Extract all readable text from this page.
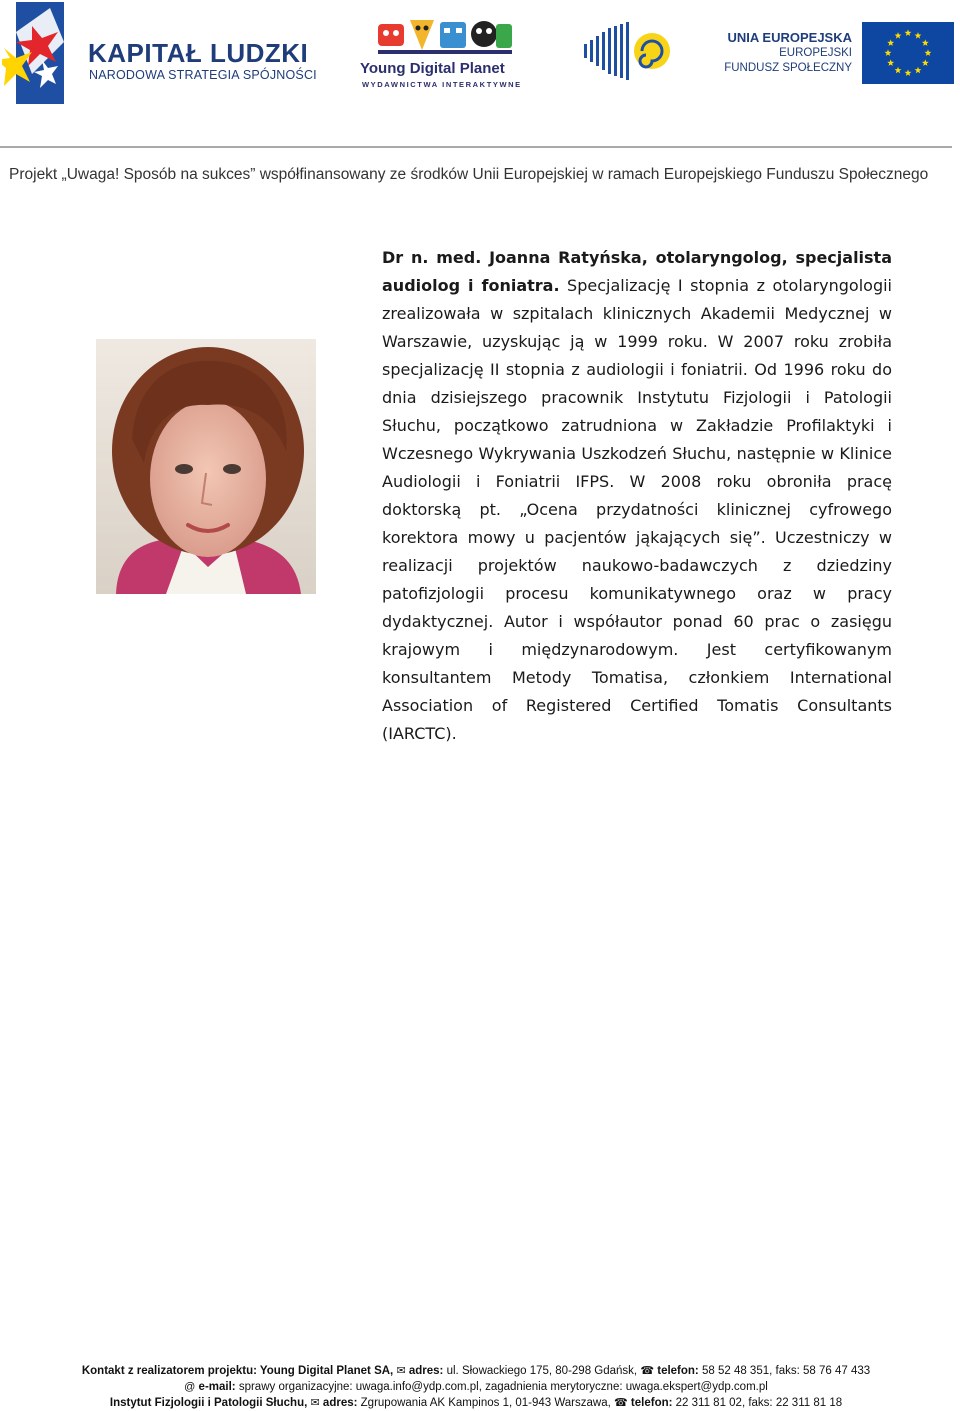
KAPITAŁ LUDZKI
NARODOWA STRATEGIA SPÓJNOŚCI	Young Digital Planet
WYDAWNICTWA INTERAKTYWNE
UNIA EUROPEJSKA
EUROPEJSKI
FUNDUSZ SPOŁECZNY
Projekt „Uwaga! Sposób na sukces” współfinansowany ze środków Unii Europejskiej w ramach Europejskiego Funduszu Społecznego

Dr n. med. Joanna Ratyńska, otolaryngolog, specjalista audiolog i foniatra. Specjalizację I stopnia z otolaryngologii zrealizowała w szpitalach klinicznych Akademii Medycznej w Warszawie, uzyskując ją w 1999 roku. W 2007 roku zrobiła specjalizację II stopnia z audiologii i foniatrii. Od 1996 roku do dnia dzisiejszego pracownik Instytutu Fizjologii i Patologii Słuchu, początkowo zatrudniona w Zakładzie Profilaktyki i Wczesnego Wykrywania Uszkodzeń Słuchu, następnie w Klinice Audiologii i Foniatrii IFPS. W 2008 roku obroniła pracę doktorską pt. „Ocena przydatności klinicznej cyfrowego korektora mowy u pacjentów jąkających się”. Uczestniczy w realizacji projektów naukowo-badawczych z dziedziny patofizjologii procesu komunikatywnego oraz w pracy dydaktycznej. Autor i współautor ponad 60 prac o zasięgu krajowym i międzynarodowym. Jest certyfikowanym konsultantem Metody Tomatisa, członkiem International Association of Registered Certified Tomatis Consultants (IARCTC).

Kontakt z realizatorem projektu: Young Digital Planet SA, ✉ adres: ul. Słowackiego 175, 80-298 Gdańsk, ☎ telefon: 58 52 48 351, faks: 58 76 47 433
@ e-mail: sprawy organizacyjne: uwaga.info@ydp.com.pl, zagadnienia merytoryczne: uwaga.ekspert@ydp.com.pl
Instytut Fizjologii i Patologii Słuchu, ✉ adres: Zgrupowania AK Kampinos 1, 01-943 Warszawa, ☎ telefon: 22 311 81 02, faks: 22 311 81 18
